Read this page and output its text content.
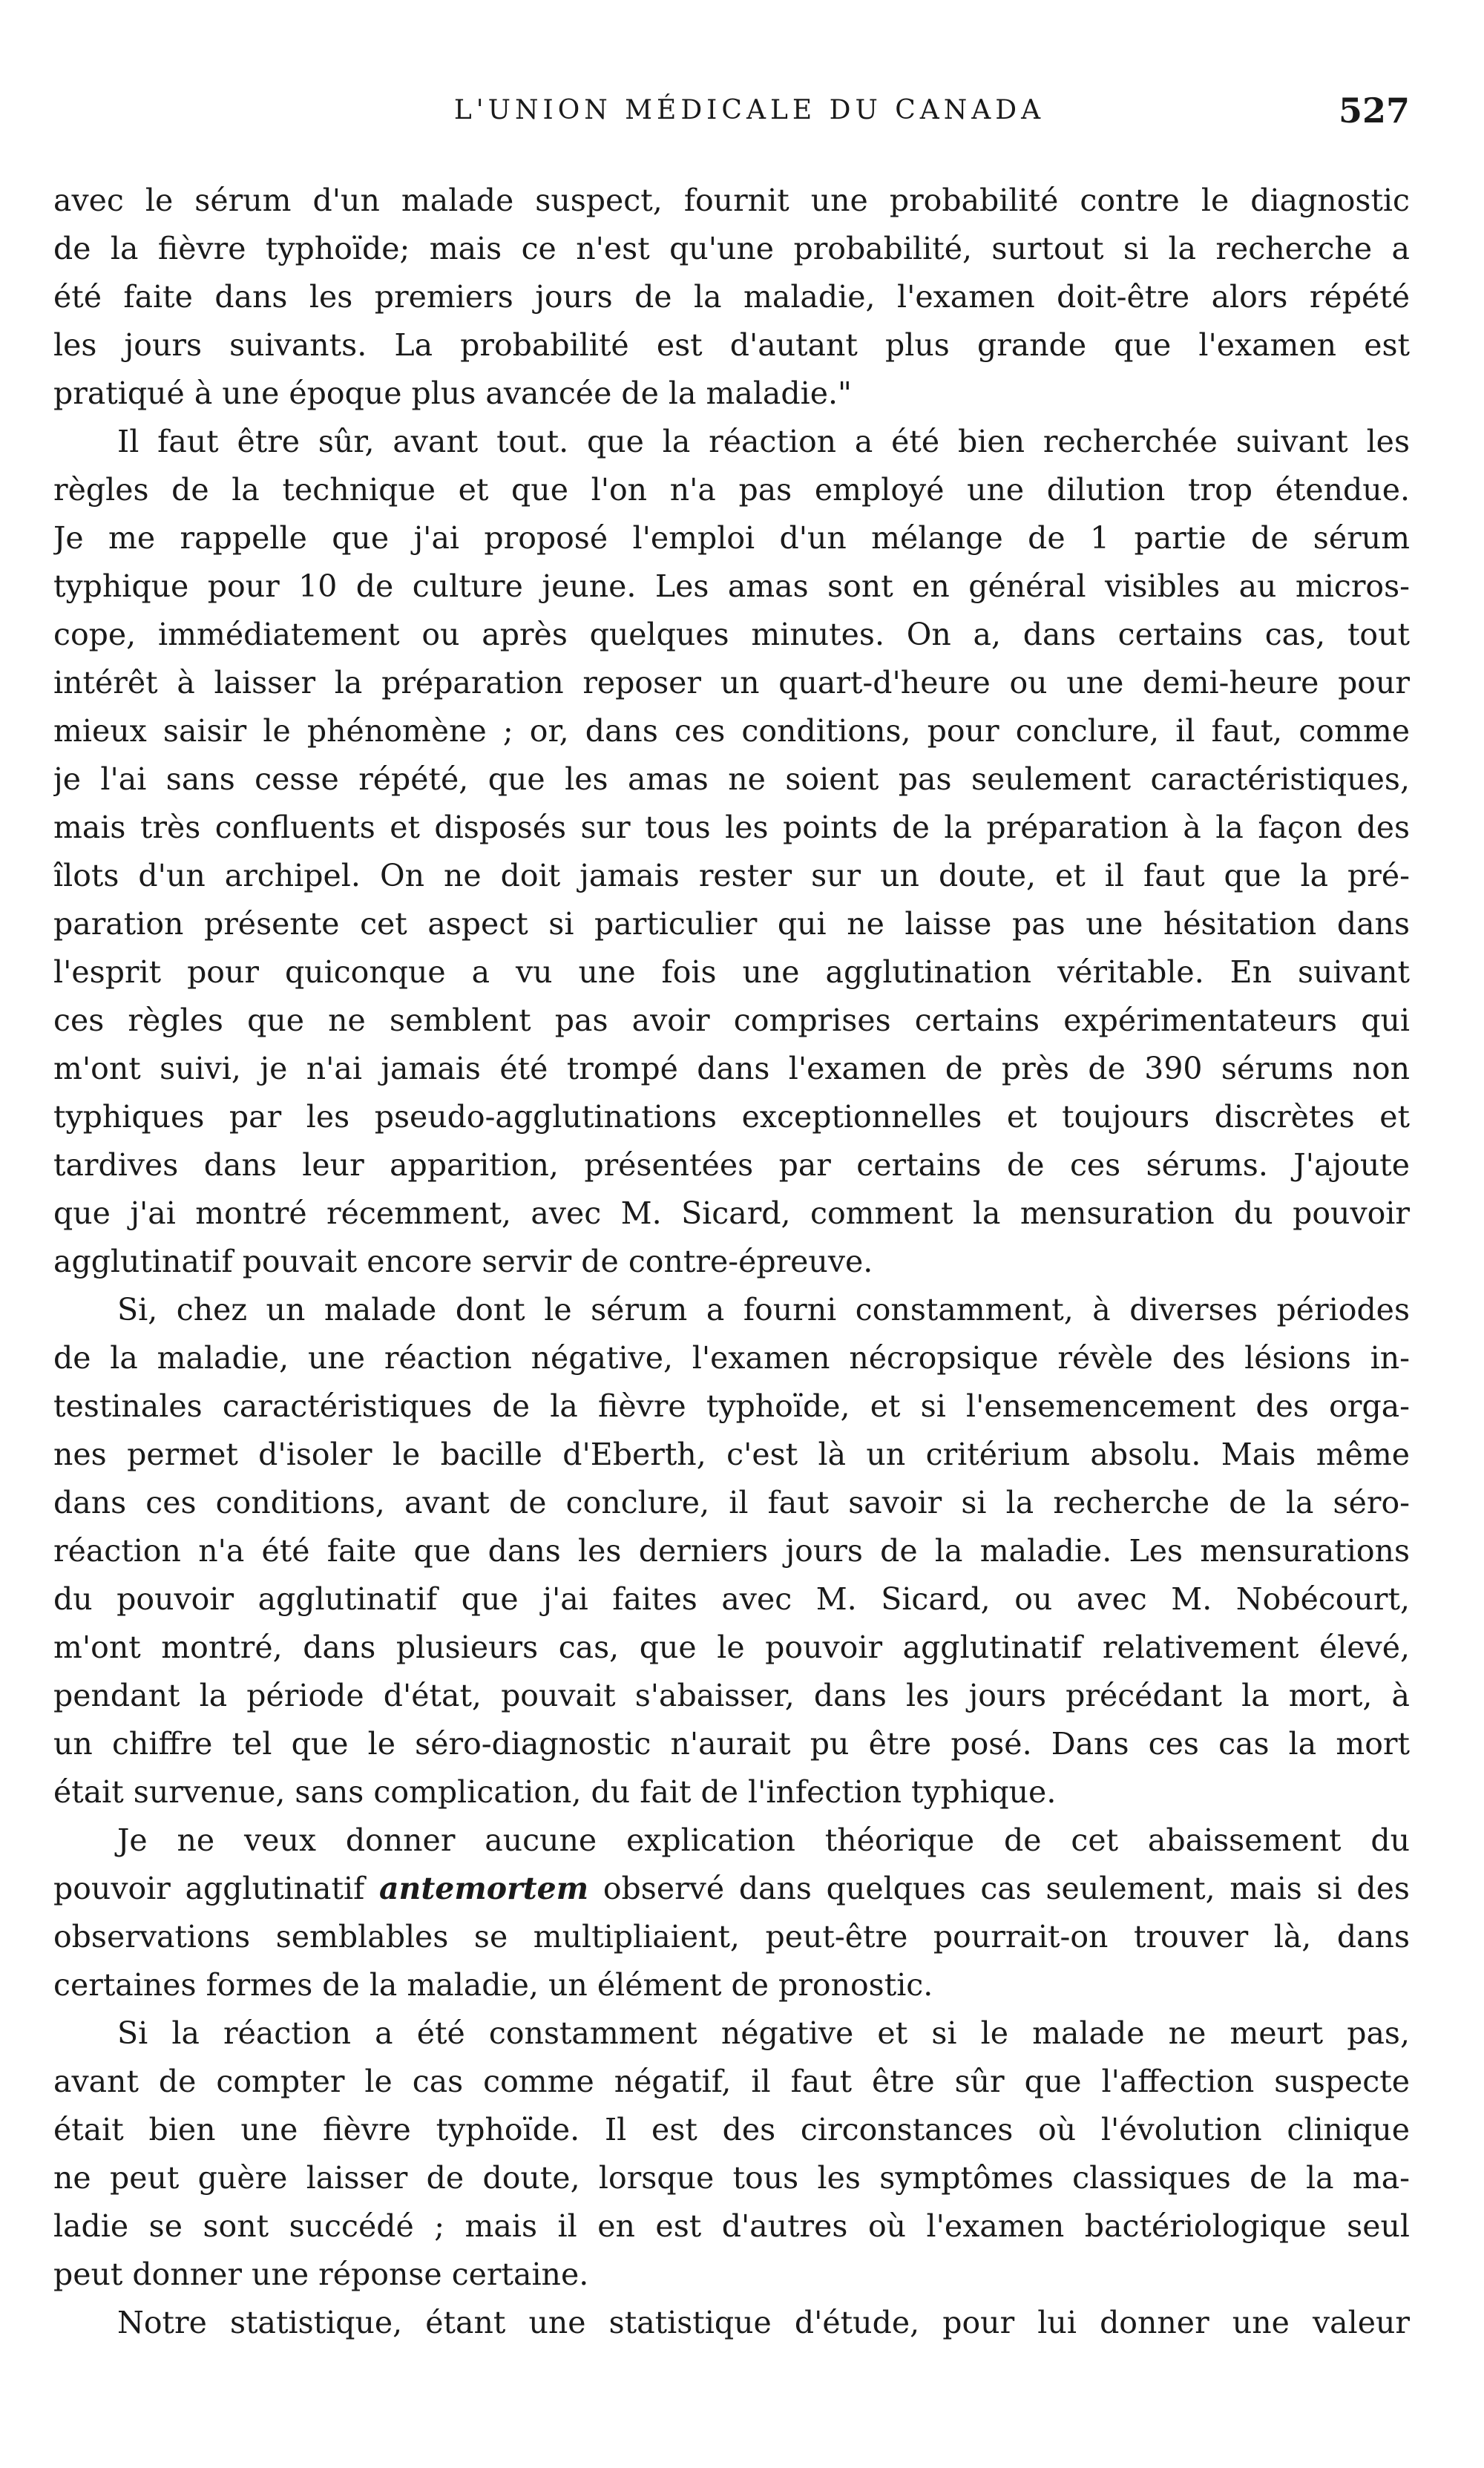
L'UNION MÉDICALE DU CANADA	527
avec le sérum d'un malade suspect, fournit une probabilité contre le diagnostic
de la fièvre typhoïde; mais ce n'est qu'une probabilité, surtout si la recherche a
été faite dans les premiers jours de la maladie, l'examen doit-être alors répété
les jours suivants. La probabilité est d'autant plus grande que l'examen est
pratiqué à une époque plus avancée de la maladie."
Il faut être sûr, avant tout. que la réaction a été bien recherchée suivant les
règles de la technique et que l'on n'a pas employé une dilution trop étendue.
Je me rappelle que j'ai proposé l'emploi d'un mélange de 1 partie de sérum
typhique pour 10 de culture jeune. Les amas sont en général visibles au micros-
cope, immédiatement ou après quelques minutes. On a, dans certains cas, tout
intérêt à laisser la préparation reposer un quart-d'heure ou une demi-heure pour
mieux saisir le phénomène ; or, dans ces conditions, pour conclure, il faut, comme
je l'ai sans cesse répété, que les amas ne soient pas seulement caractéristiques,
mais très confluents et disposés sur tous les points de la préparation à la façon des
îlots d'un archipel. On ne doit jamais rester sur un doute, et il faut que la pré-
paration présente cet aspect si particulier qui ne laisse pas une hésitation dans
l'esprit pour quiconque a vu une fois une agglutination véritable. En suivant
ces règles que ne semblent pas avoir comprises certains expérimentateurs qui
m'ont suivi, je n'ai jamais été trompé dans l'examen de près de 390 sérums non
typhiques par les pseudo-agglutinations exceptionnelles et toujours discrètes et
tardives dans leur apparition, présentées par certains de ces sérums. J'ajoute
que j'ai montré récemment, avec M. Sicard, comment la mensuration du pouvoir
agglutinatif pouvait encore servir de contre-épreuve.
Si, chez un malade dont le sérum a fourni constamment, à diverses périodes
de la maladie, une réaction négative, l'examen nécropsique révèle des lésions in-
testinales caractéristiques de la fièvre typhoïde, et si l'ensemencement des orga-
nes permet d'isoler le bacille d'Eberth, c'est là un critérium absolu. Mais même
dans ces conditions, avant de conclure, il faut savoir si la recherche de la séro-
réaction n'a été faite que dans les derniers jours de la maladie. Les mensurations
du pouvoir agglutinatif que j'ai faites avec M. Sicard, ou avec M. Nobécourt,
m'ont montré, dans plusieurs cas, que le pouvoir agglutinatif relativement élevé,
pendant la période d'état, pouvait s'abaisser, dans les jours précédant la mort, à
un chiffre tel que le séro-diagnostic n'aurait pu être posé. Dans ces cas la mort
était survenue, sans complication, du fait de l'infection typhique.
Je ne veux donner aucune explication théorique de cet abaissement du
pouvoir agglutinatif antemortem observé dans quelques cas seulement, mais si des
observations semblables se multipliaient, peut-être pourrait-on trouver là, dans
certaines formes de la maladie, un élément de pronostic.
Si la réaction a été constamment négative et si le malade ne meurt pas,
avant de compter le cas comme négatif, il faut être sûr que l'affection suspecte
était bien une fièvre typhoïde. Il est des circonstances où l'évolution clinique
ne peut guère laisser de doute, lorsque tous les symptômes classiques de la ma-
ladie se sont succédé ; mais il en est d'autres où l'examen bactériologique seul
peut donner une réponse certaine.
Notre statistique, étant une statistique d'étude, pour lui donner une valeur
